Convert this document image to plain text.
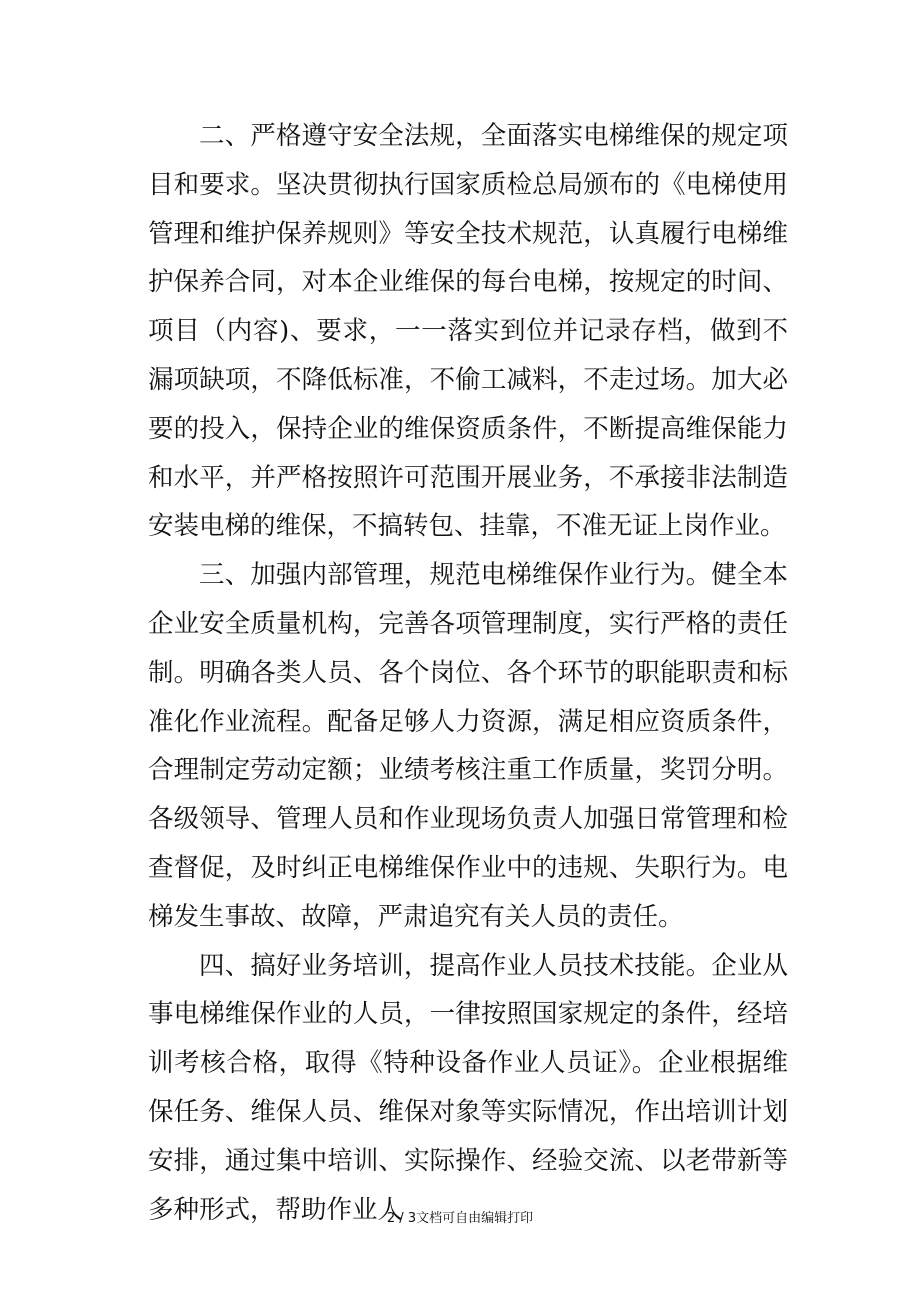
二、严格遵守安全法规，全面落实电梯维保的规定项目和要求。坚决贯彻执行国家质检总局颁布的《电梯使用管理和维护保养规则》等安全技术规范，认真履行电梯维护保养合同，对本企业维保的每台电梯，按规定的时间、项目（内容)、要求，一一落实到位并记录存档，做到不漏项缺项，不降低标准，不偷工减料，不走过场。加大必要的投入，保持企业的维保资质条件，不断提高维保能力和水平，并严格按照许可范围开展业务，不承接非法制造安装电梯的维保，不搞转包、挂靠，不准无证上岗作业。

三、加强内部管理，规范电梯维保作业行为。健全本企业安全质量机构，完善各项管理制度，实行严格的责任制。明确各类人员、各个岗位、各个环节的职能职责和标准化作业流程。配备足够人力资源，满足相应资质条件，合理制定劳动定额；业绩考核注重工作质量，奖罚分明。各级领导、管理人员和作业现场负责人加强日常管理和检查督促，及时纠正电梯维保作业中的违规、失职行为。电梯发生事故、故障，严肃追究有关人员的责任。

四、搞好业务培训，提高作业人员技术技能。企业从事电梯维保作业的人员，一律按照国家规定的条件，经培训考核合格，取得《特种设备作业人员证》。企业根据维保任务、维保人员、维保对象等实际情况，作出培训计划安排，通过集中培训、实际操作、经验交流、以老带新等多种形式，帮助作业人

2 / 3文档可自由编辑打印
